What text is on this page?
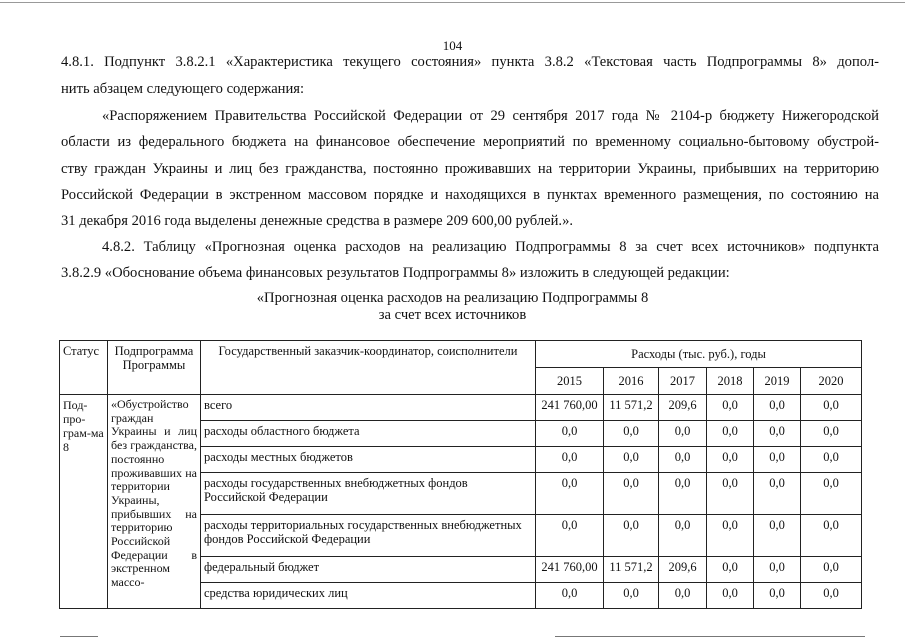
104
4.8.1. Подпункт 3.8.2.1 «Характеристика текущего состояния» пункта 3.8.2 «Текстовая часть Подпрограммы 8» допол-
нить абзацем следующего содержания:
«Распоряжением Правительства Российской Федерации от 29 сентября 2017 года № 2104-р бюджету Нижегородской
области из федерального бюджета на финансовое обеспечение мероприятий по временному социально-бытовому обустрой-
ству граждан Украины и лиц без гражданства, постоянно проживавших на территории Украины, прибывших на территорию
Российской Федерации в экстренном массовом порядке и находящихся в пунктах временного размещения, по состоянию на
31 декабря 2016 года выделены денежные средства в размере 209 600,00 рублей.».
4.8.2. Таблицу «Прогнозная оценка расходов на реализацию Подпрограммы 8 за счет всех источников» подпункта
3.8.2.9 «Обоснование объема финансовых результатов Подпрограммы 8» изложить в следующей редакции:
«Прогнозная оценка расходов на реализацию Подпрограммы 8
за счет всех источников
Статус	Подпрограмма Программы	Государственный заказчик-координатор, соисполнители	Расходы (тыс. руб.), годы					
			2015	2016	2017	2018	2019	2020
Под-про-грам-ма 8	«Обустройство граждан Украины и лиц без гражданства, постоянно проживавших на территории Украины, прибывших на территорию Российской Федерации в экстренном массо-	всего	241 760,00	11 571,2	209,6	0,0	0,0	0,0
		расходы областного бюджета	0,0	0,0	0,0	0,0	0,0	0,0
		расходы местных бюджетов	0,0	0,0	0,0	0,0	0,0	0,0
		расходы государственных внебюджетных фондов Российской Федерации	0,0	0,0	0,0	0,0	0,0	0,0
		расходы территориальных государственных внебюджетных фондов Российской Федерации	0,0	0,0	0,0	0,0	0,0	0,0
		федеральный бюджет	241 760,00	11 571,2	209,6	0,0	0,0	0,0
		средства юридических лиц	0,0	0,0	0,0	0,0	0,0	0,0
